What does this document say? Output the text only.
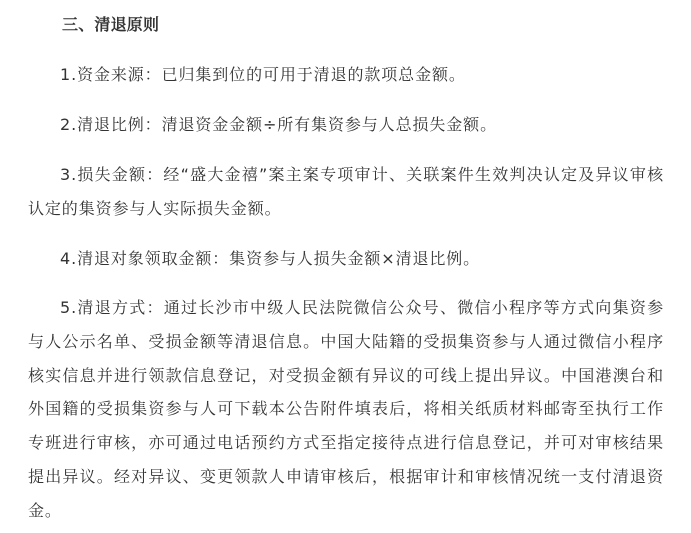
三、清退原则

1.资金来源：已归集到位的可用于清退的款项总金额。

2.清退比例：清退资金金额÷所有集资参与人总损失金额。

3.损失金额：经“盛大金禧”案主案专项审计、关联案件生效判决认定及异议审核认定的集资参与人实际损失金额。

4.清退对象领取金额：集资参与人损失金额×清退比例。

5.清退方式：通过长沙市中级人民法院微信公众号、微信小程序等方式向集资参与人公示名单、受损金额等清退信息。中国大陆籍的受损集资参与人通过微信小程序核实信息并进行领款信息登记，对受损金额有异议的可线上提出异议。中国港澳台和外国籍的受损集资参与人可下载本公告附件填表后，将相关纸质材料邮寄至执行工作专班进行审核，亦可通过电话预约方式至指定接待点进行信息登记，并可对审核结果提出异议。经对异议、变更领款人申请审核后，根据审计和审核情况统一支付清退资金。
